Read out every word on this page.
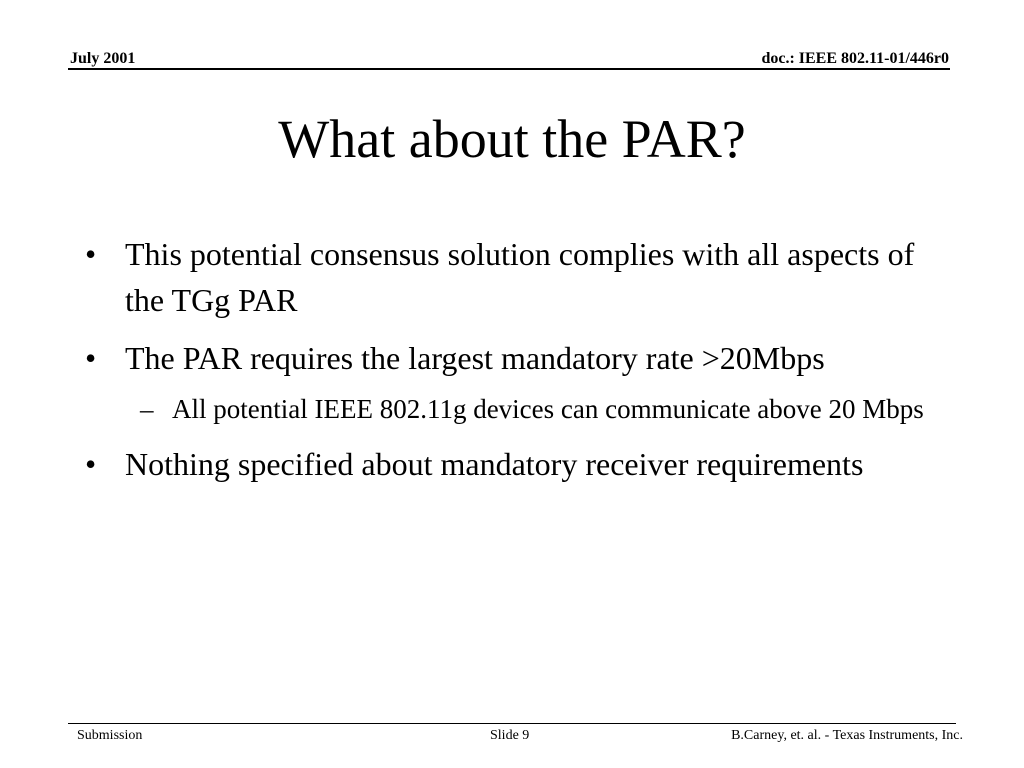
July 2001	doc.: IEEE 802.11-01/446r0
What about the PAR?
• This potential consensus solution complies with all aspects of the TGg PAR
• The PAR requires the largest mandatory rate >20Mbps
– All potential IEEE 802.11g devices can communicate above 20 Mbps
• Nothing specified about mandatory receiver requirements
Submission	Slide 9	B.Carney, et. al. - Texas Instruments, Inc.
